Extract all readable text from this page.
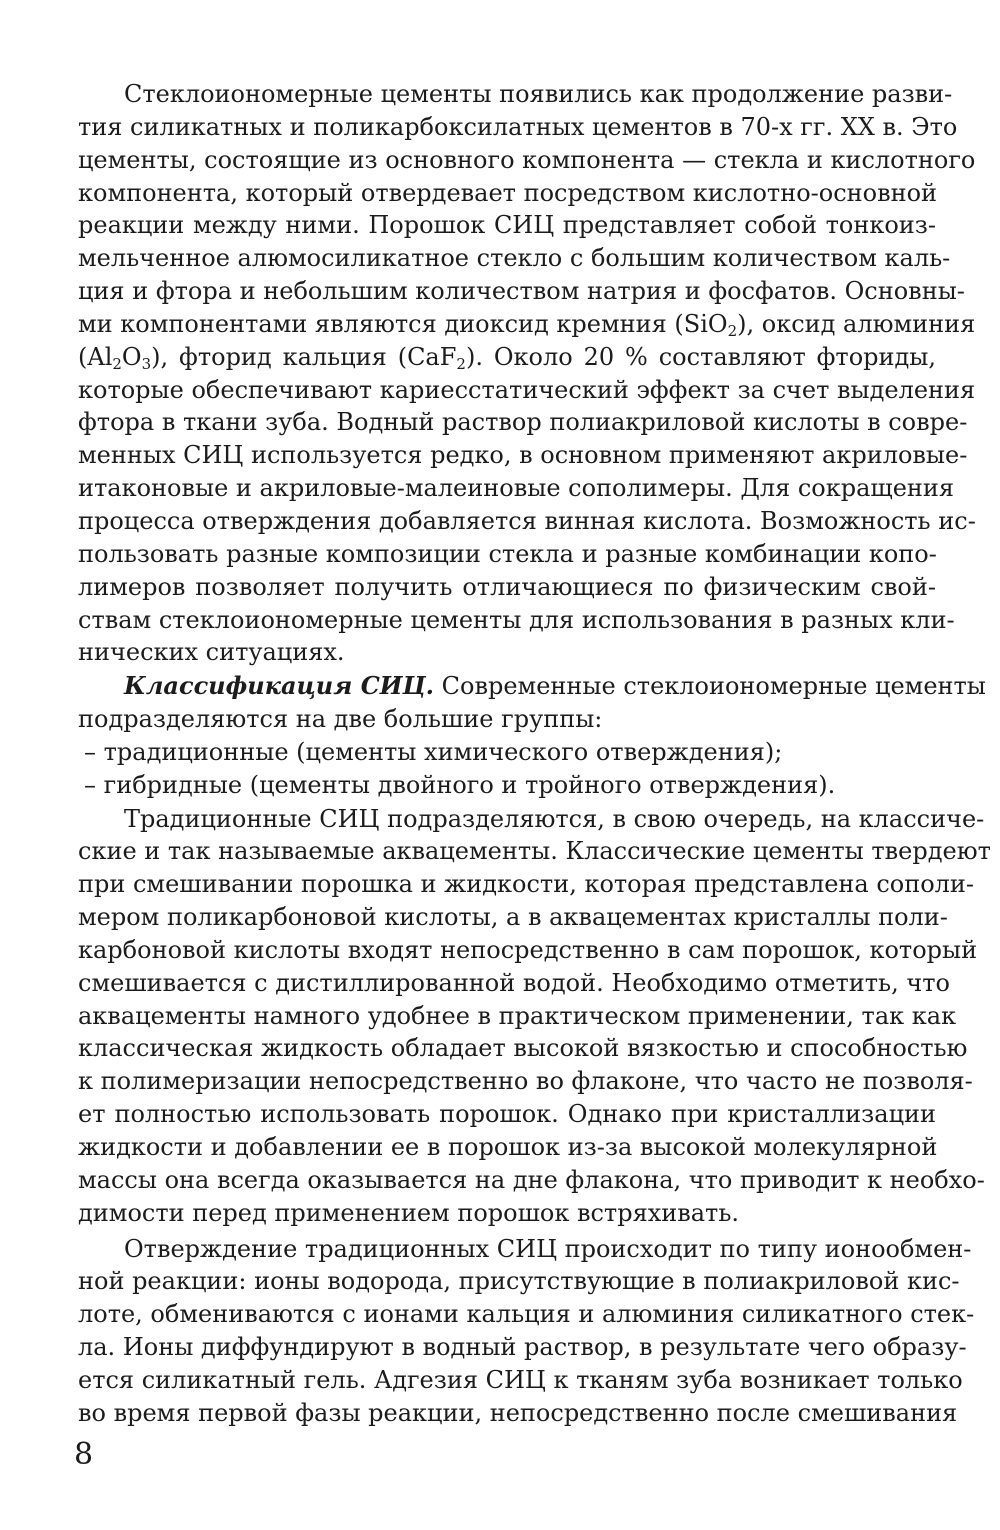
Стеклоиономерные цементы появились как продолжение разви-
тия силикатных и поликарбоксилатных цементов в 70-х гг. XX в. Это
цементы, состоящие из основного компонента — стекла и кислотного
компонента, который отвердевает посредством кислотно-основной
реакции между ними. Порошок СИЦ представляет собой тонкоиз-
мельченное алюмосиликатное стекло с большим количеством каль-
ция и фтора и небольшим количеством натрия и фосфатов. Основны-
ми компонентами являются диоксид кремния (SiO$_2$), оксид алюминия
$(Al_2O_3)$, фторид кальция (CaF$_2$). Около 20 % составляют фториды,
которые обеспечивают кариесстатический эффект за счет выделения
фтора в ткани зуба. Водный раствор полиакриловой кислоты в совре-
менных СИЦ используется редко, в основном применяют акриловые-
итаконовые и акриловые-малеиновые сополимеры. Для сокращения
процесса отверждения добавляется винная кислота. Возможность ис-
пользовать разные композиции стекла и разные комбинации копо-
лимеров позволяет получить отличающиеся по физическим свой-
ствам стеклоиономерные цементы для использования в разных кли-
нических ситуациях.
Классификация СИЦ. Современные стеклоиономерные цементы
подразделяются на две большие группы:
– традиционные (цементы химического отверждения);
– гибридные (цементы двойного и тройного отверждения).
Традиционные СИЦ подразделяются, в свою очередь, на классиче-
ские и так называемые аквацементы. Классические цементы твердеют
при смешивании порошка и жидкости, которая представлена сополи-
мером поликарбоновой кислоты, а в аквацементах кристаллы поли-
карбоновой кислоты входят непосредственно в сам порошок, который
смешивается с дистиллированной водой. Необходимо отметить, что
аквацементы намного удобнее в практическом применении, так как
классическая жидкость обладает высокой вязкостью и способностью
к полимеризации непосредственно во флаконе, что часто не позволя-
ет полностью использовать порошок. Однако при кристаллизации
жидкости и добавлении ее в порошок из-за высокой молекулярной
массы она всегда оказывается на дне флакона, что приводит к необхо-
димости перед применением порошок встряхивать.
Отверждение традиционных СИЦ происходит по типу ионообмен-
ной реакции: ионы водорода, присутствующие в полиакриловой кис-
лоте, обмениваются с ионами кальция и алюминия силикатного стек-
ла. Ионы диффундируют в водный раствор, в результате чего образу-
ется силикатный гель. Адгезия СИЦ к тканям зуба возникает только
во время первой фазы реакции, непосредственно после смешивания
8
